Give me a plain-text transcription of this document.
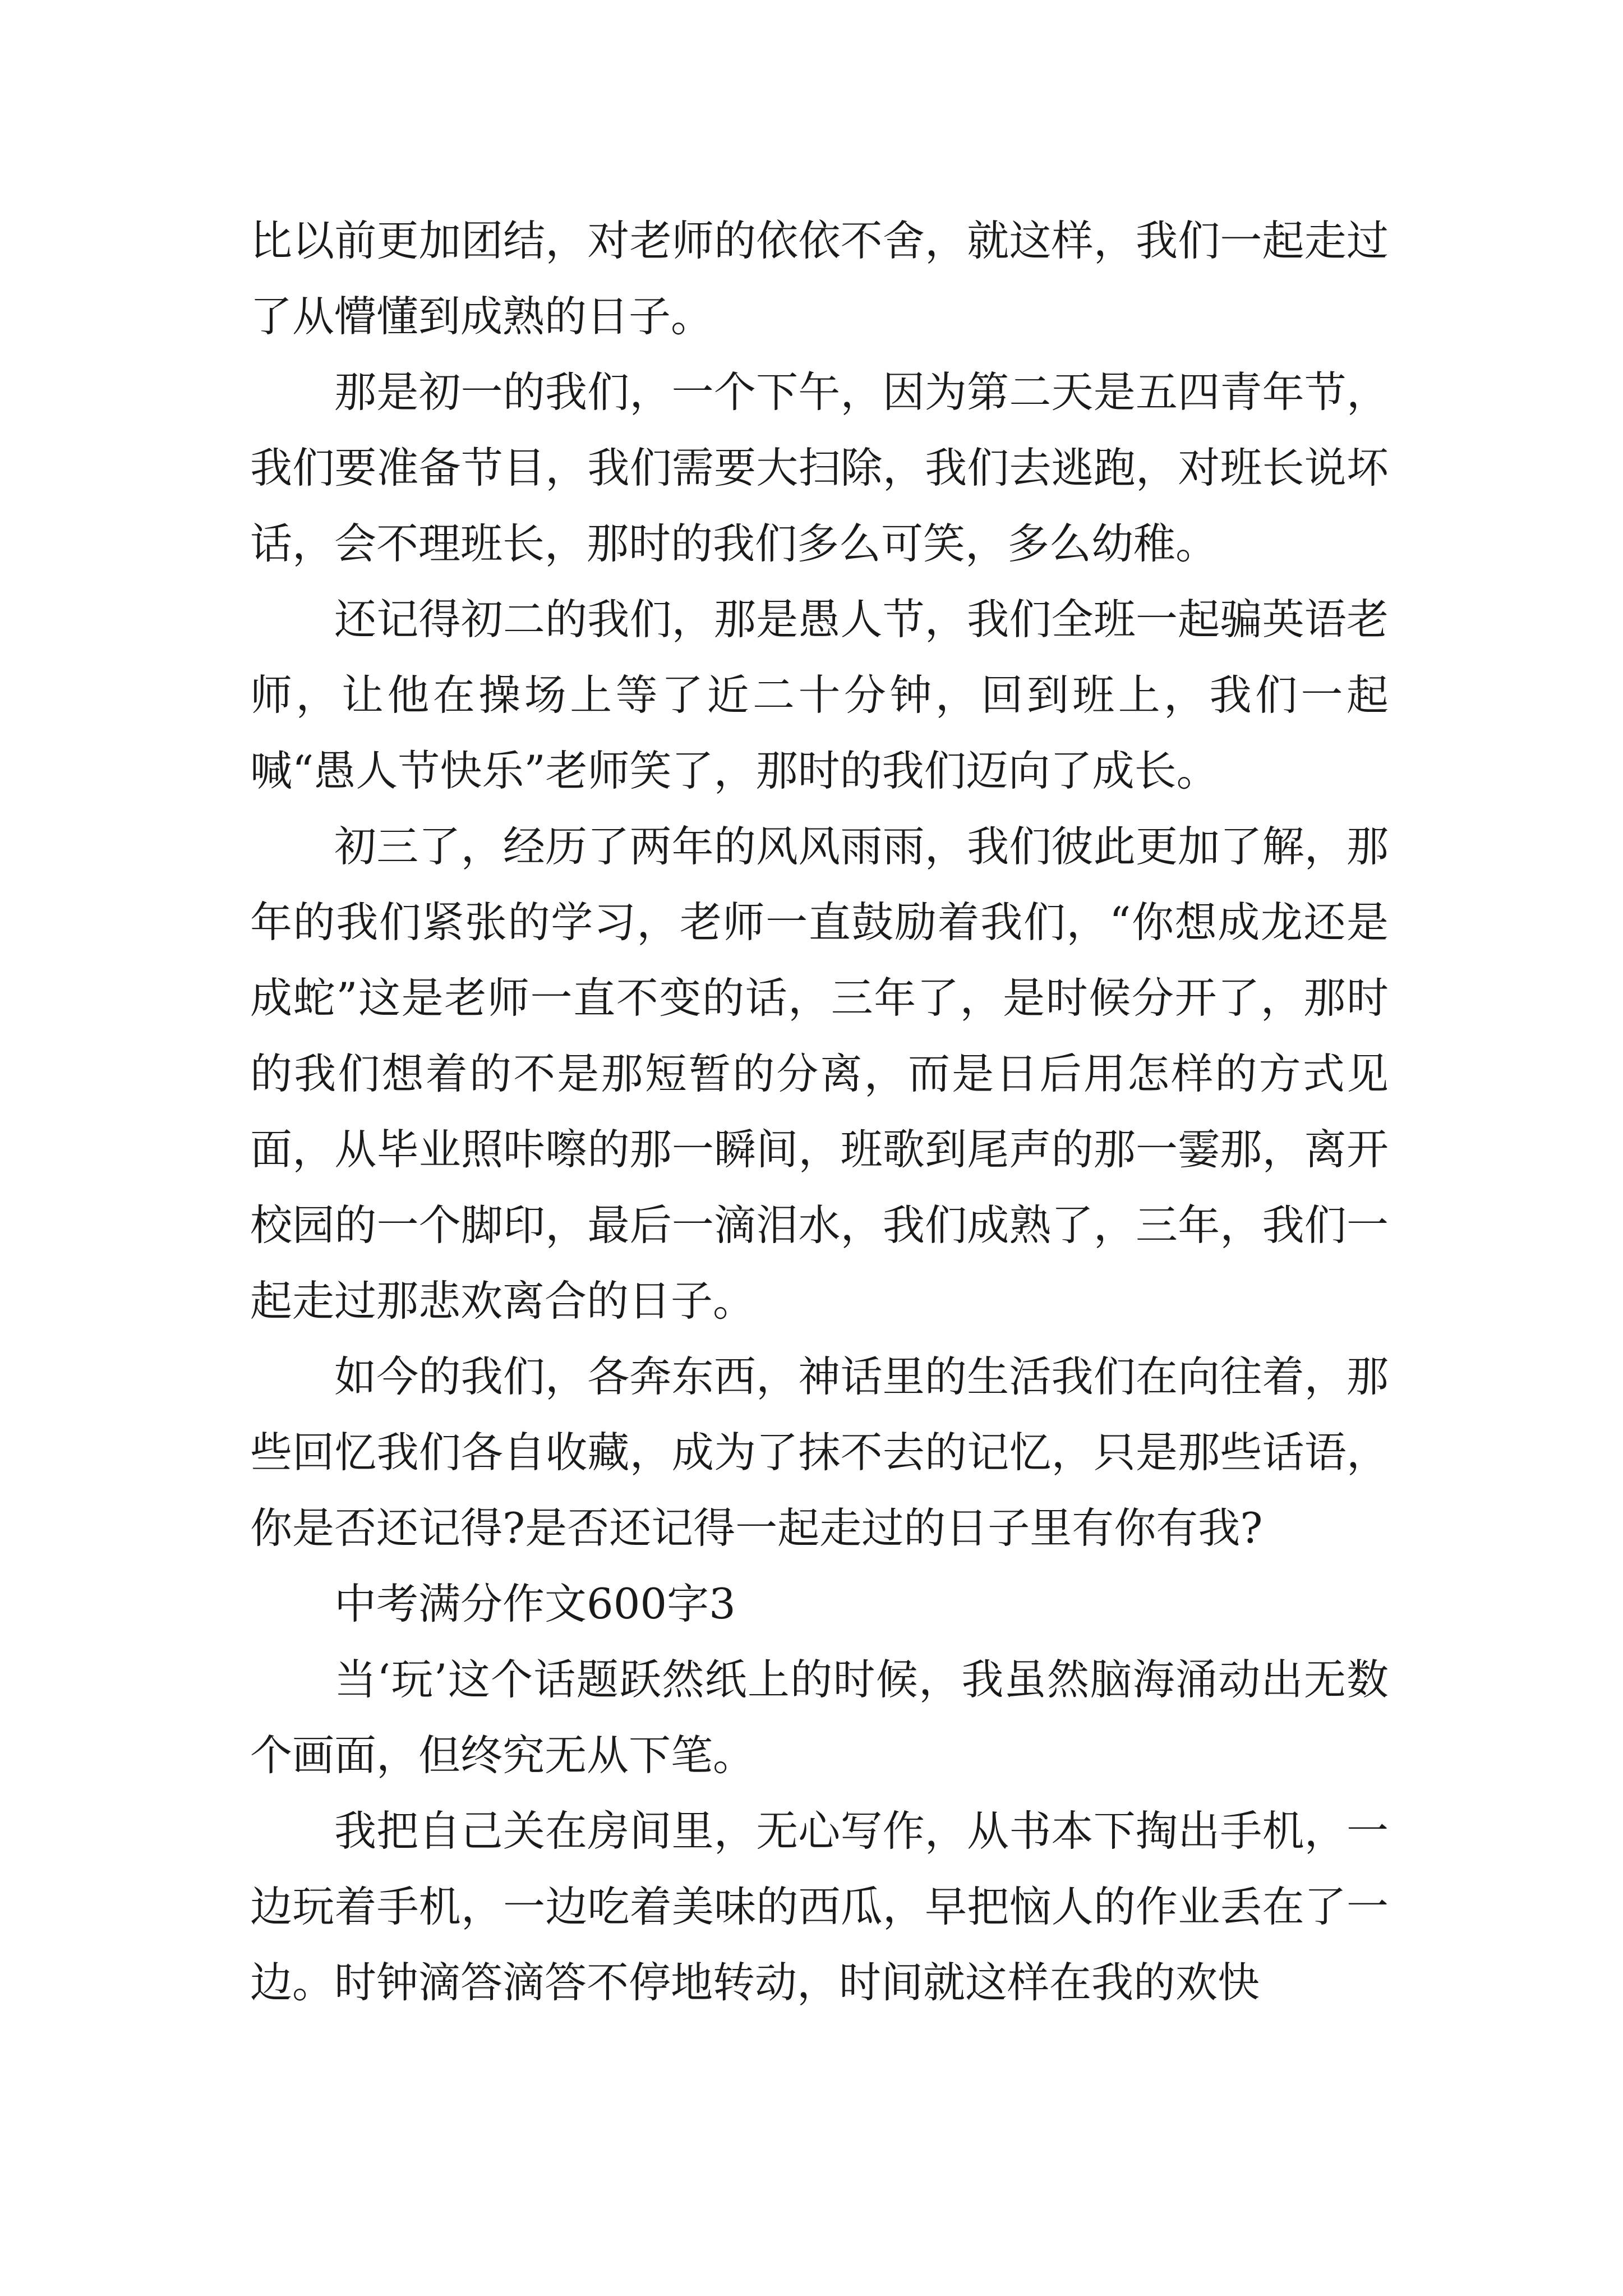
比以前更加团结，对老师的依依不舍，就这样，我们一起走过了从懵懂到成熟的日子。

那是初一的我们，一个下午，因为第二天是五四青年节，我们要准备节目，我们需要大扫除，我们去逃跑，对班长说坏话，会不理班长，那时的我们多么可笑，多么幼稚。

还记得初二的我们，那是愚人节，我们全班一起骗英语老师，让他在操场上等了近二十分钟，回到班上，我们一起喊“愚人节快乐”老师笑了，那时的我们迈向了成长。

初三了，经历了两年的风风雨雨，我们彼此更加了解，那年的我们紧张的学习，老师一直鼓励着我们，“你想成龙还是成蛇”这是老师一直不变的话，三年了，是时候分开了，那时的我们想着的不是那短暂的分离，而是日后用怎样的方式见面，从毕业照咔嚓的那一瞬间，班歌到尾声的那一霎那，离开校园的一个脚印，最后一滴泪水，我们成熟了，三年，我们一起走过那悲欢离合的日子。

如今的我们，各奔东西，神话里的生活我们在向往着，那些回忆我们各自收藏，成为了抹不去的记忆，只是那些话语，你是否还记得?是否还记得一起走过的日子里有你有我?

中考满分作文600字3

当‘玩’这个话题跃然纸上的时候，我虽然脑海涌动出无数个画面，但终究无从下笔。

我把自己关在房间里，无心写作，从书本下掏出手机，一边玩着手机，一边吃着美味的西瓜，早把恼人的作业丢在了一边。时钟滴答滴答不停地转动，时间就这样在我的欢快
